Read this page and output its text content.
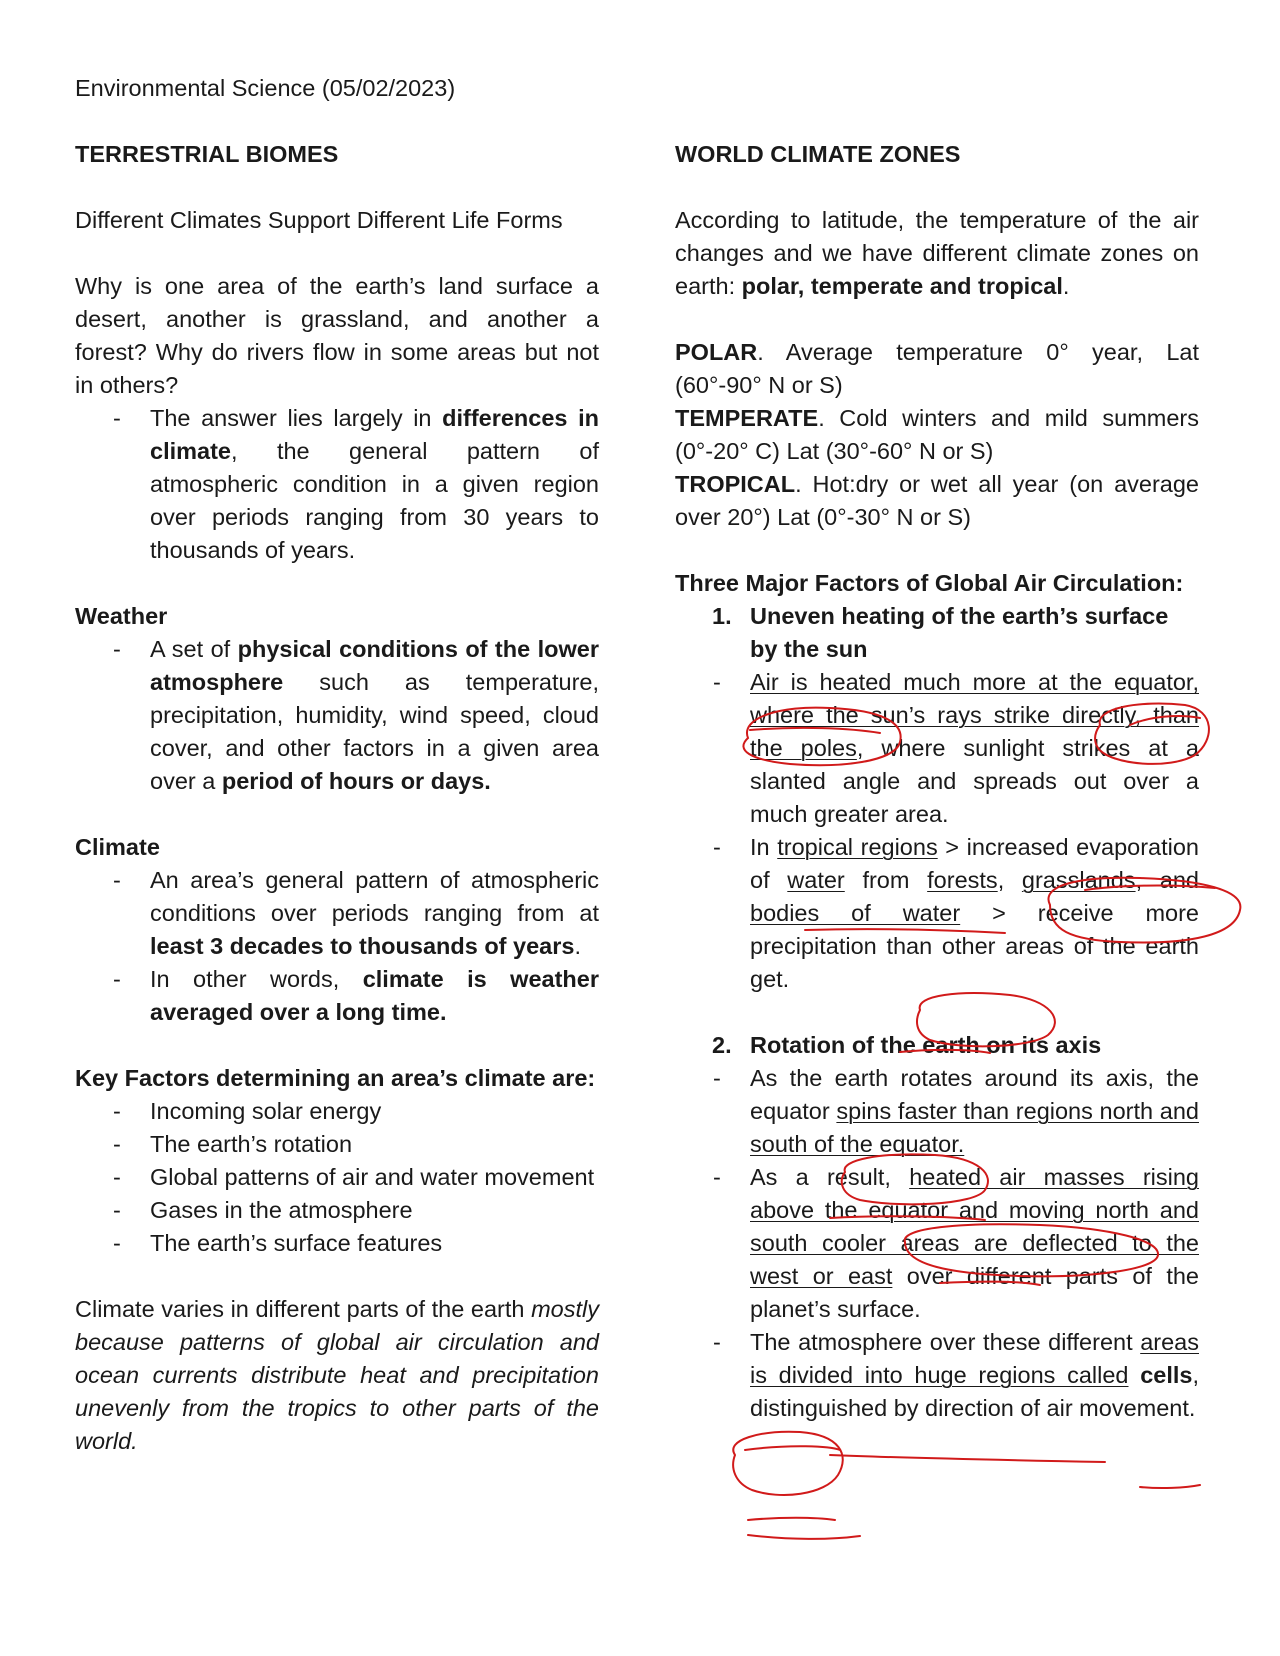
Environmental Science (05/02/2023)

TERRESTRIAL BIOMES

Different Climates Support Different Life Forms

Why is one area of the earth’s land surface a desert, another is grassland, and another a forest? Why do rivers flow in some areas but not in others?

- The answer lies largely in differences in climate, the general pattern of atmospheric condition in a given region over periods ranging from 30 years to thousands of years.

Weather

- A set of physical conditions of the lower atmosphere such as temperature, precipitation, humidity, wind speed, cloud cover, and other factors in a given area over a period of hours or days.

Climate

- An area’s general pattern of atmospheric conditions over periods ranging from at least 3 decades to thousands of years.
- In other words, climate is weather averaged over a long time.

Key Factors determining an area’s climate are:

- Incoming solar energy
- The earth’s rotation
- Global patterns of air and water movement
- Gases in the atmosphere
- The earth’s surface features

Climate varies in different parts of the earth mostly because patterns of global air circulation and ocean currents distribute heat and precipitation unevenly from the tropics to other parts of the world.

WORLD CLIMATE ZONES

According to latitude, the temperature of the air changes and we have different climate zones on earth: polar, temperate and tropical.

POLAR. Average temperature 0° year, Lat (60°-90° N or S)

TEMPERATE. Cold winters and mild summers (0°-20° C) Lat (30°-60° N or S)

TROPICAL. Hot:dry or wet all year (on average over 20°) Lat (0°-30° N or S)

Three Major Factors of Global Air Circulation:

1. Uneven heating of the earth’s surface by the sun
- Air is heated much more at the equator, where the sun’s rays strike directly, than the poles, where sunlight strikes at a slanted angle and spreads out over a much greater area.
- In tropical regions > increased evaporation of water from forests, grasslands, and bodies of water > receive more precipitation than other areas of the earth get.
2. Rotation of the earth on its axis
- As the earth rotates around its axis, the equator spins faster than regions north and south of the equator.
- As a result, heated air masses rising above the equator and moving north and south cooler areas are deflected to the west or east over different parts of the planet’s surface.
- The atmosphere over these different areas is divided into huge regions called cells, distinguished by direction of air movement.
